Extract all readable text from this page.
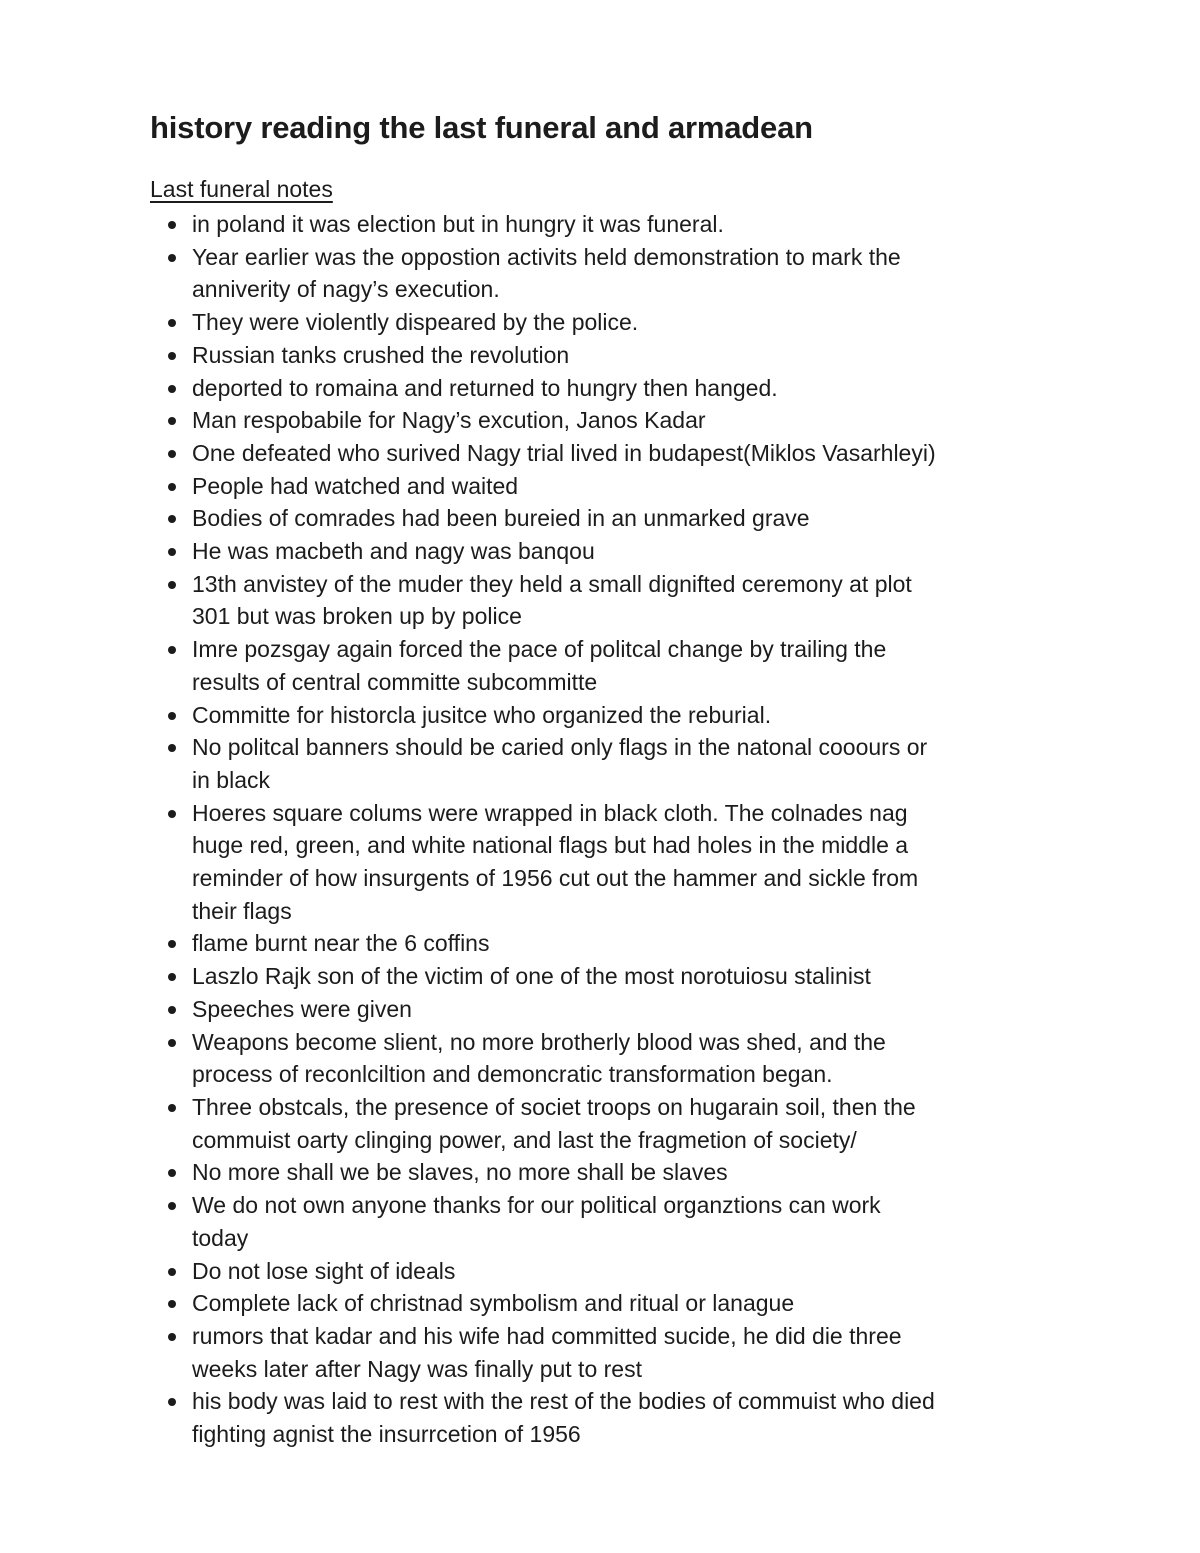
history reading the last funeral and armadean
Last funeral notes
in poland it was election but in hungry it was funeral.
Year earlier was the oppostion activits held demonstration to mark the
anniverity of nagy’s execution.
They were violently dispeared by the police.
Russian tanks crushed the revolution
deported to romaina and returned to hungry then hanged.
Man respobabile for Nagy’s excution, Janos Kadar
One defeated who surived Nagy trial lived in budapest(Miklos Vasarhleyi)
People had watched and waited
Bodies of comrades had been bureied in an unmarked grave
He was macbeth and nagy was banqou
13th anvistey of the muder they held a small dignifted ceremony at plot
301 but was broken up by police
Imre pozsgay again forced the pace of politcal change by trailing the
results of central committe subcommitte
Committe for historcla jusitce who organized the reburial.
No politcal banners should be caried only flags in the natonal cooours or
in black
Hoeres square colums were wrapped in black cloth. The colnades nag
huge red, green, and white national flags but had holes in the middle a
reminder of how insurgents of 1956 cut out the hammer and sickle from
their flags
flame burnt near the 6 coffins
Laszlo Rajk son of the victim of one of the most norotuiosu stalinist
Speeches were given
Weapons become slient, no more brotherly blood was shed, and the
process of reconlciltion and demoncratic transformation began.
Three obstcals, the presence of societ troops on hugarain soil, then the
commuist oarty clinging power, and last the fragmetion of society/
No more shall we be slaves, no more shall be slaves
We do not own anyone thanks for our political organztions can work
today
Do not lose sight of ideals
Complete lack of christnad symbolism and ritual or lanague
rumors that kadar and his wife had committed sucide, he did die three
weeks later after Nagy was finally put to rest
his body was laid to rest with the rest of the bodies of commuist who died
fighting agnist the insurrcetion of 1956
